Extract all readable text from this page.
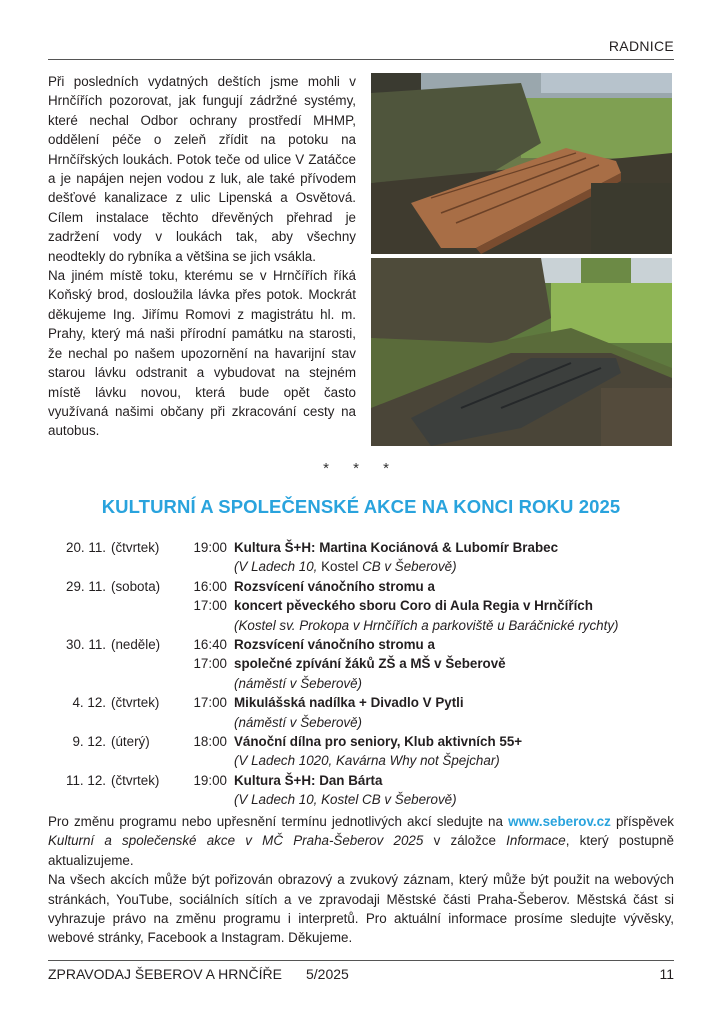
RADNICE

Při posledních vydatných deštích jsme mohli v Hrnčířích pozorovat, jak fungují zádržné systémy, které nechal Odbor ochrany prostředí MHMP, oddělení péče o zeleň zřídit na potoku na Hrnčířských loukách. Potok teče od ulice V Zatáčce a je napájen nejen vodou z luk, ale také přívodem dešťové kanalizace z ulic Lipenská a Osvětová. Cílem instalace těchto dřevěných přehrad je zadržení vody v loukách tak, aby všechny neodtekly do rybníka a většina se jich vsákla.

Na jiném místě toku, kterému se v Hrnčířích říká Koňský brod, dosloužila lávka přes potok. Mockrát děkujeme Ing. Jiřímu Romovi z magistrátu hl. m. Prahy, který má naši přírodní památku na starosti, že nechal po našem upozornění na havarijní stav starou lávku odstranit a vybudovat na stejném místě lávku novou, která bude opět často využívaná našimi občany při zkracování cesty na autobus.

* * *
KULTURNÍ A SPOLEČENSKÉ AKCE NA KONCI ROKU 2025
20. 11. (čtvrtek)	19:00 Kultura Š+H: Martina Kociánová & Lubomír Brabec
(V Ladech 10, Kostel CB v Šeberově)
29. 11. (sobota)	16:00 Rozsvícení vánočního stromu a
17:00 koncert pěveckého sboru Coro di Aula Regia v Hrnčířích
(Kostel sv. Prokopa v Hrnčířích a parkoviště u Baráčnické rychty)
30. 11. (neděle)	16:40 Rozsvícení vánočního stromu a
17:00 společné zpívání žáků ZŠ a MŠ v Šeberově
(náměstí v Šeberově)
4. 12. (čtvrtek)	17:00 Mikulášská nadílka + Divadlo V Pytli
(náměstí v Šeberově)
9. 12. (úterý)	18:00 Vánoční dílna pro seniory, Klub aktivních 55+
(V Ladech 1020, Kavárna Why not Špejchar)
11. 12. (čtvrtek)	19:00 Kultura Š+H: Dan Bárta
(V Ladech 10, Kostel CB v Šeberově)

Pro změnu programu nebo upřesnění termínu jednotlivých akcí sledujte na www.seberov.cz příspěvek Kulturní a společenské akce v MČ Praha-Šeberov 2025 v záložce Informace, který postupně aktualizujeme.

Na všech akcích může být pořizován obrazový a zvukový záznam, který může být použit na webových stránkách, YouTube, sociálních sítích a ve zpravodaji Městské části Praha-Šeberov. Městská část si vyhrazuje právo na změnu programu i interpretů. Pro aktuální informace prosíme sledujte vývěsky, webové stránky, Facebook a Instagram. Děkujeme.

ZPRAVODAJ ŠEBEROV A HRNČÍŘE 5/2025	11
